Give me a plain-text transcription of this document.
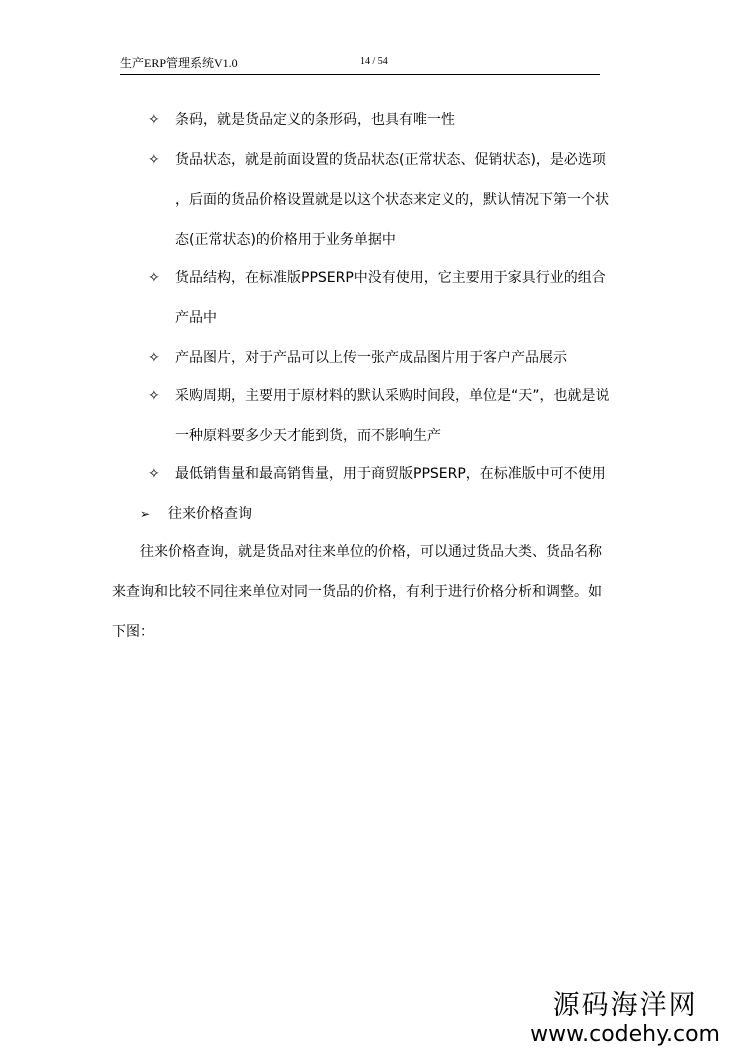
生产ERP管理系统V1.0	14 / 54
✧ 条码，就是货品定义的条形码，也具有唯一性
✧ 货品状态，就是前面设置的货品状态(正常状态、促销状态)，是必选项
，后面的货品价格设置就是以这个状态来定义的，默认情况下第一个状
态(正常状态)的价格用于业务单据中
✧ 货品结构，在标准版PPSERP中没有使用，它主要用于家具行业的组合
产品中
✧ 产品图片，对于产品可以上传一张产成品图片用于客户产品展示
✧ 采购周期，主要用于原材料的默认采购时间段，单位是“天”，也就是说
一种原料要多少天才能到货，而不影响生产
✧ 最低销售量和最高销售量，用于商贸版PPSERP，在标准版中可不使用
➢ 往来价格查询
往来价格查询，就是货品对往来单位的价格，可以通过货品大类、货品名称
来查询和比较不同往来单位对同一货品的价格，有利于进行价格分析和调整。如
下图：
源码海洋网
www.codehy.com
